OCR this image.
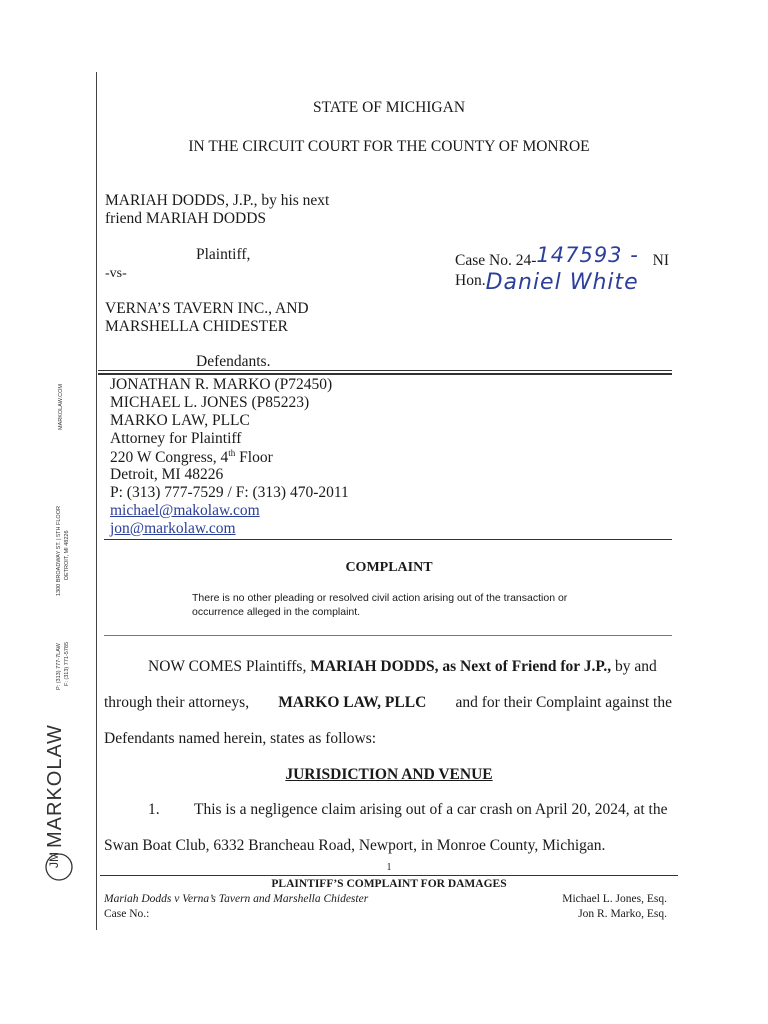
MARKOLAW.COM
1300 BROADWAY ST. | 5TH FLOOR DETROIT, MI 48226
P: (313) 777-7LAW F: (313) 771-5785
JM
MARKOLAW
STATE OF MICHIGAN
IN THE CIRCUIT COURT FOR THE COUNTY OF MONROE
MARIAH DODDS, J.P., by his next
friend MARIAH DODDS
Plaintiff,
-vs-
VERNA’S TAVERN INC., AND
MARSHELLA CHIDESTER
Defendants.
Case No. 24-147593 - NI
Hon.Daniel White
JONATHAN R. MARKO (P72450)
MICHAEL L. JONES (P85223)
MARKO LAW, PLLC
Attorney for Plaintiff
220 W Congress, 4th Floor
Detroit, MI 48226
P: (313) 777-7529 / F: (313) 470-2011
michael@makolaw.com
jon@markolaw.com
COMPLAINT
There is no other pleading or resolved civil action arising out of the transaction or
occurrence alleged in the complaint.
NOW COMES Plaintiffs, MARIAH DODDS, as Next of Friend for J.P., by and
through their attorneys, MARKO LAW, PLLC and for their Complaint against the
Defendants named herein, states as follows:
JURISDICTION AND VENUE
1. This is a negligence claim arising out of a car crash on April 20, 2024, at the
Swan Boat Club, 6332 Brancheau Road, Newport, in Monroe County, Michigan.
1
PLAINTIFF’S COMPLAINT FOR DAMAGES
Mariah Dodds v Verna’s Tavern and Marshella Chidester
Case No.:
Michael L. Jones, Esq.
Jon R. Marko, Esq.
